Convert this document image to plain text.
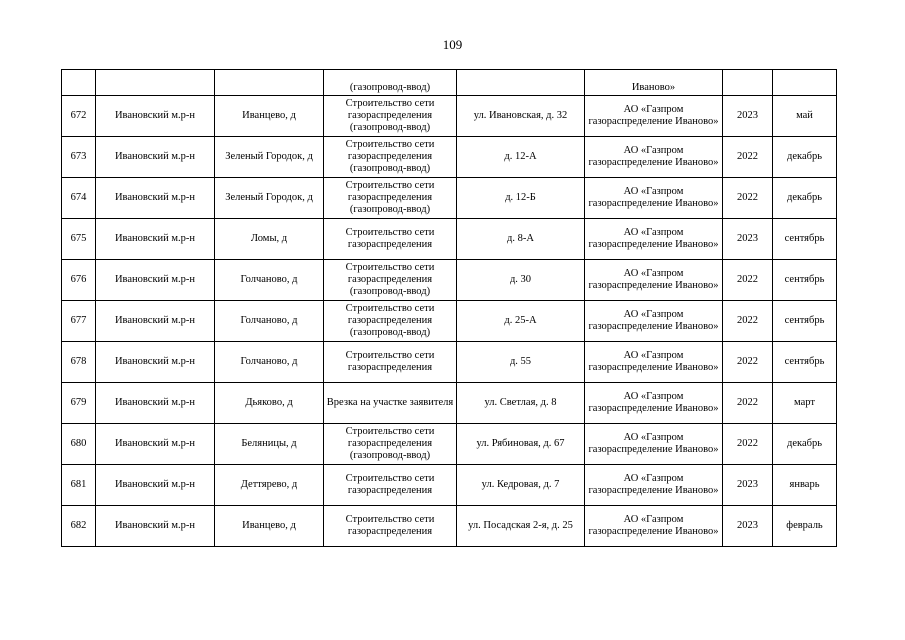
109
			(газопровод-ввод)		Иваново»		
672	Ивановский м.р-н	Иванцево, д	Строительство сети газораспределения (газопровод-ввод)	ул. Ивановская, д. 32	АО «Газпром газораспределение Иваново»	2023	май
673	Ивановский м.р-н	Зеленый Городок, д	Строительство сети газораспределения (газопровод-ввод)	д. 12-А	АО «Газпром газораспределение Иваново»	2022	декабрь
674	Ивановский м.р-н	Зеленый Городок, д	Строительство сети газораспределения (газопровод-ввод)	д. 12-Б	АО «Газпром газораспределение Иваново»	2022	декабрь
675	Ивановский м.р-н	Ломы, д	Строительство сети газораспределения	д. 8-А	АО «Газпром газораспределение Иваново»	2023	сентябрь
676	Ивановский м.р-н	Голчаново, д	Строительство сети газораспределения (газопровод-ввод)	д. 30	АО «Газпром газораспределение Иваново»	2022	сентябрь
677	Ивановский м.р-н	Голчаново, д	Строительство сети газораспределения (газопровод-ввод)	д. 25-А	АО «Газпром газораспределение Иваново»	2022	сентябрь
678	Ивановский м.р-н	Голчаново, д	Строительство сети газораспределения	д. 55	АО «Газпром газораспределение Иваново»	2022	сентябрь
679	Ивановский м.р-н	Дьяково, д	Врезка на участке заявителя	ул. Светлая, д. 8	АО «Газпром газораспределение Иваново»	2022	март
680	Ивановский м.р-н	Беляницы, д	Строительство сети газораспределения (газопровод-ввод)	ул. Рябиновая, д. 67	АО «Газпром газораспределение Иваново»	2022	декабрь
681	Ивановский м.р-н	Деттярево, д	Строительство сети газораспределения	ул. Кедровая, д. 7	АО «Газпром газораспределение Иваново»	2023	январь
682	Ивановский м.р-н	Иванцево, д	Строительство сети газораспределения	ул. Посадская 2-я, д. 25	АО «Газпром газораспределение Иваново»	2023	февраль
